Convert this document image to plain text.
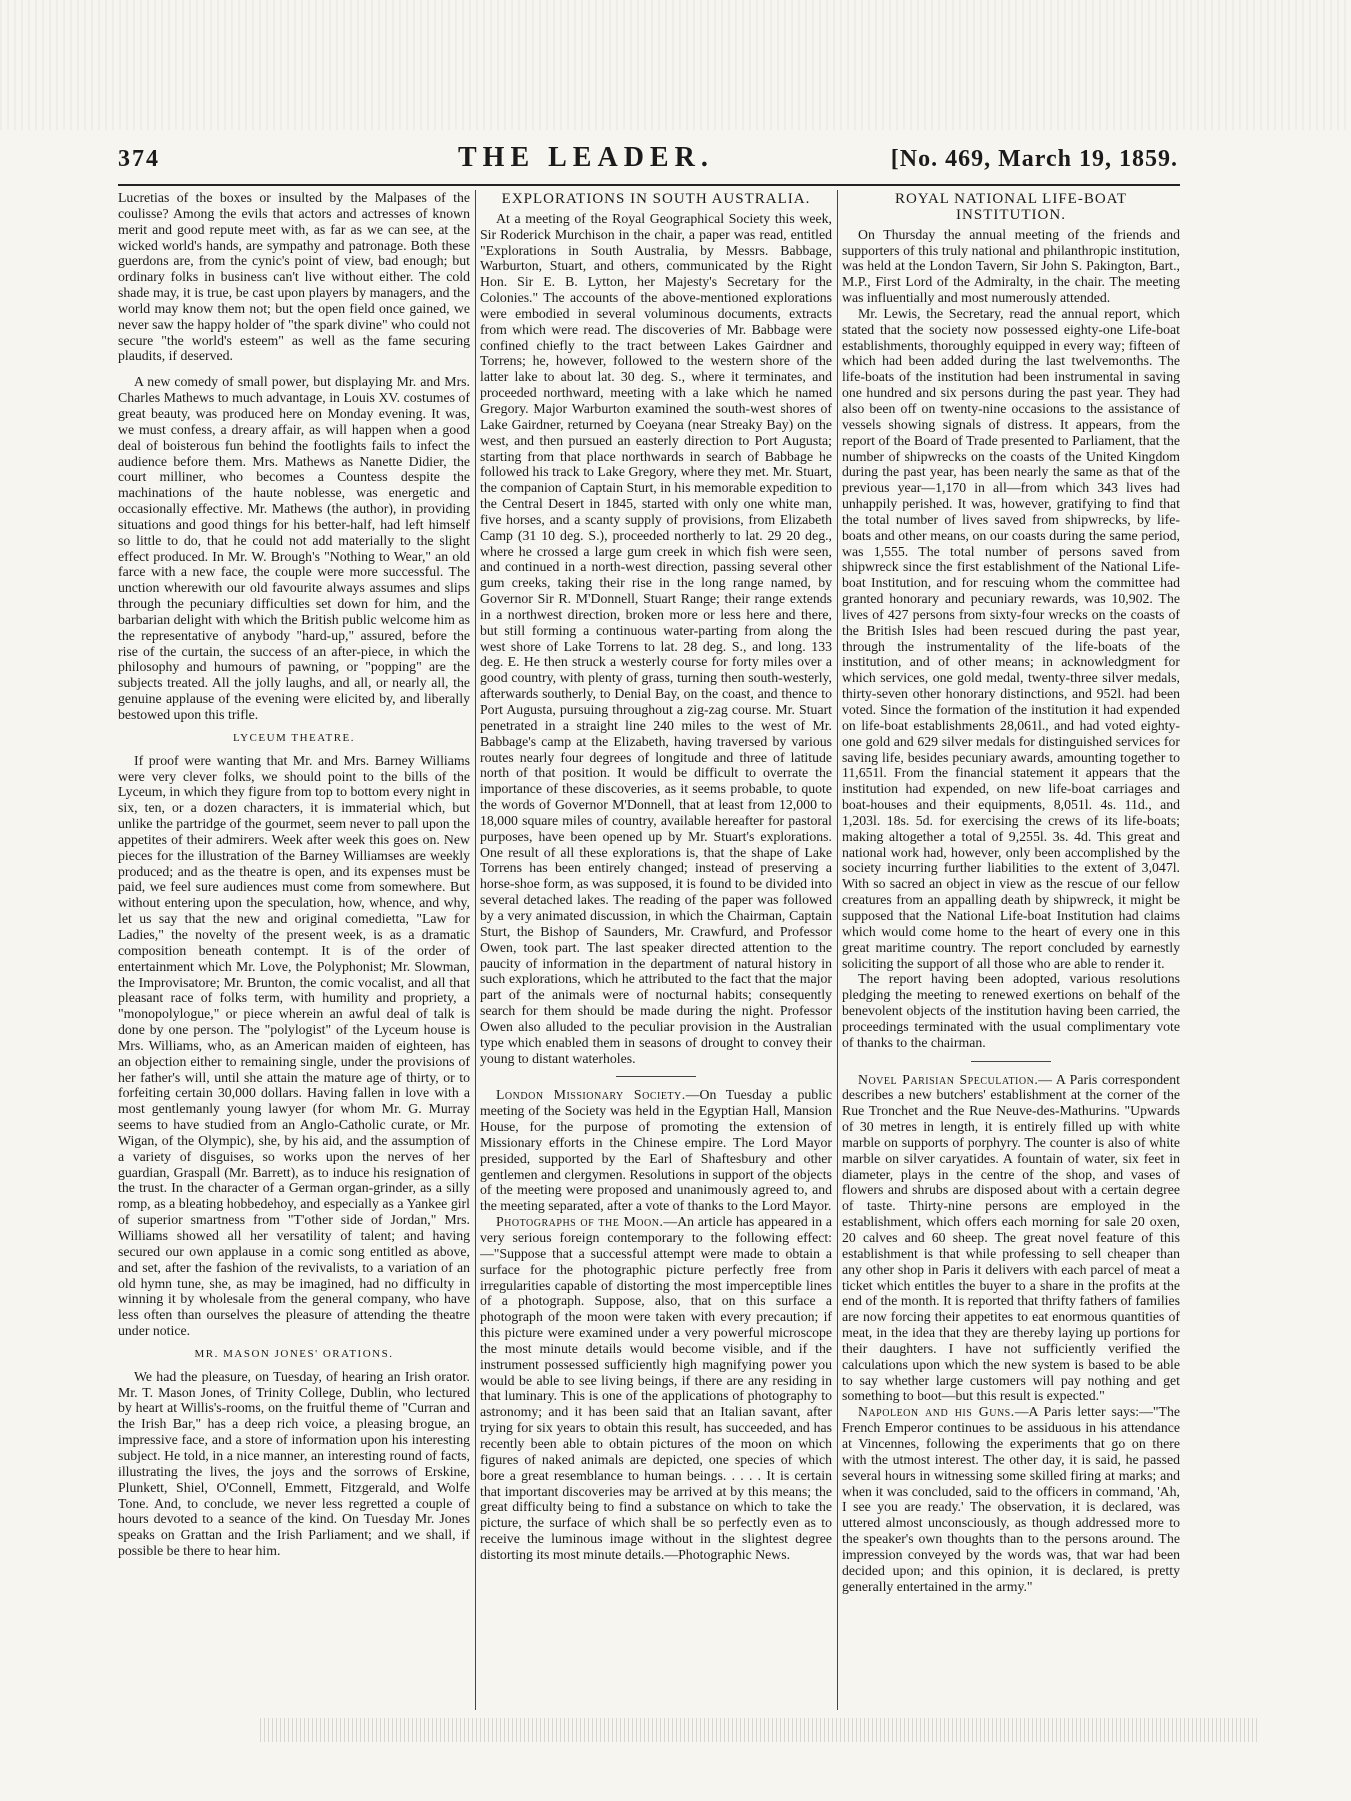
374	THE LEADER.	[No. 469, March 19, 1859.

Lucretias of the boxes or insulted by the Malpases of the coulisse? Among the evils that actors and actresses of known merit and good repute meet with, as far as we can see, at the wicked world's hands, are sympathy and patronage. Both these guerdons are, from the cynic's point of view, bad enough; but ordinary folks in business can't live without either. The cold shade may, it is true, be cast upon players by managers, and the world may know them not; but the open field once gained, we never saw the happy holder of "the spark divine" who could not secure "the world's esteem" as well as the fame securing plaudits, if deserved.

A new comedy of small power, but displaying Mr. and Mrs. Charles Mathews to much advantage, in Louis XV. costumes of great beauty, was produced here on Monday evening. It was, we must confess, a dreary affair, as will happen when a good deal of boisterous fun behind the footlights fails to infect the audience before them. Mrs. Mathews as Nanette Didier, the court milliner, who becomes a Countess despite the machinations of the haute noblesse, was energetic and occasionally effective. Mr. Mathews (the author), in providing situations and good things for his better-half, had left himself so little to do, that he could not add materially to the slight effect produced. In Mr. W. Brough's "Nothing to Wear," an old farce with a new face, the couple were more successful. The unction wherewith our old favourite always assumes and slips through the pecuniary difficulties set down for him, and the barbarian delight with which the British public welcome him as the representative of anybody "hard-up," assured, before the rise of the curtain, the success of an after-piece, in which the philosophy and humours of pawning, or "popping" are the subjects treated. All the jolly laughs, and all, or nearly all, the genuine applause of the evening were elicited by, and liberally bestowed upon this trifle.

LYCEUM THEATRE.

If proof were wanting that Mr. and Mrs. Barney Williams were very clever folks, we should point to the bills of the Lyceum, in which they figure from top to bottom every night in six, ten, or a dozen characters, it is immaterial which, but unlike the partridge of the gourmet, seem never to pall upon the appetites of their admirers. Week after week this goes on. New pieces for the illustration of the Barney Williamses are weekly produced; and as the theatre is open, and its expenses must be paid, we feel sure audiences must come from somewhere. But without entering upon the speculation, how, whence, and why, let us say that the new and original comedietta, "Law for Ladies," the novelty of the present week, is as a dramatic composition beneath contempt. It is of the order of entertainment which Mr. Love, the Polyphonist; Mr. Slowman, the Improvisatore; Mr. Brunton, the comic vocalist, and all that pleasant race of folks term, with humility and propriety, a "monopolylogue," or piece wherein an awful deal of talk is done by one person. The "polylogist" of the Lyceum house is Mrs. Williams, who, as an American maiden of eighteen, has an objection either to remaining single, under the provisions of her father's will, until she attain the mature age of thirty, or to forfeiting certain 30,000 dollars. Having fallen in love with a most gentlemanly young lawyer (for whom Mr. G. Murray seems to have studied from an Anglo-Catholic curate, or Mr. Wigan, of the Olympic), she, by his aid, and the assumption of a variety of disguises, so works upon the nerves of her guardian, Graspall (Mr. Barrett), as to induce his resignation of the trust. In the character of a German organ-grinder, as a silly romp, as a bleating hobbedehoy, and especially as a Yankee girl of superior smartness from "T'other side of Jordan," Mrs. Williams showed all her versatility of talent; and having secured our own applause in a comic song entitled as above, and set, after the fashion of the revivalists, to a variation of an old hymn tune, she, as may be imagined, had no difficulty in winning it by wholesale from the general company, who have less often than ourselves the pleasure of attending the theatre under notice.

MR. MASON JONES' ORATIONS.

We had the pleasure, on Tuesday, of hearing an Irish orator. Mr. T. Mason Jones, of Trinity College, Dublin, who lectured by heart at Willis's-rooms, on the fruitful theme of "Curran and the Irish Bar," has a deep rich voice, a pleasing brogue, an impressive face, and a store of information upon his interesting subject. He told, in a nice manner, an interesting round of facts, illustrating the lives, the joys and the sorrows of Erskine, Plunkett, Shiel, O'Connell, Emmett, Fitzgerald, and Wolfe Tone. And, to conclude, we never less regretted a couple of hours devoted to a seance of the kind. On Tuesday Mr. Jones speaks on Grattan and the Irish Parliament; and we shall, if possible be there to hear him.

EXPLORATIONS IN SOUTH AUSTRALIA.

At a meeting of the Royal Geographical Society this week, Sir Roderick Murchison in the chair, a paper was read, entitled "Explorations in South Australia, by Messrs. Babbage, Warburton, Stuart, and others, communicated by the Right Hon. Sir E. B. Lytton, her Majesty's Secretary for the Colonies." The accounts of the above-mentioned explorations were embodied in several voluminous documents, extracts from which were read. The discoveries of Mr. Babbage were confined chiefly to the tract between Lakes Gairdner and Torrens; he, however, followed to the western shore of the latter lake to about lat. 30 deg. S., where it terminates, and proceeded northward, meeting with a lake which he named Gregory. Major Warburton examined the south-west shores of Lake Gairdner, returned by Coeyana (near Streaky Bay) on the west, and then pursued an easterly direction to Port Augusta; starting from that place northwards in search of Babbage he followed his track to Lake Gregory, where they met. Mr. Stuart, the companion of Captain Sturt, in his memorable expedition to the Central Desert in 1845, started with only one white man, five horses, and a scanty supply of provisions, from Elizabeth Camp (31 10 deg. S.), proceeded northerly to lat. 29 20 deg., where he crossed a large gum creek in which fish were seen, and continued in a north-west direction, passing several other gum creeks, taking their rise in the long range named, by Governor Sir R. M'Donnell, Stuart Range; their range extends in a northwest direction, broken more or less here and there, but still forming a continuous water-parting from along the west shore of Lake Torrens to lat. 28 deg. S., and long. 133 deg. E. He then struck a westerly course for forty miles over a good country, with plenty of grass, turning then south-westerly, afterwards southerly, to Denial Bay, on the coast, and thence to Port Augusta, pursuing throughout a zig-zag course. Mr. Stuart penetrated in a straight line 240 miles to the west of Mr. Babbage's camp at the Elizabeth, having traversed by various routes nearly four degrees of longitude and three of latitude north of that position. It would be difficult to overrate the importance of these discoveries, as it seems probable, to quote the words of Governor M'Donnell, that at least from 12,000 to 18,000 square miles of country, available hereafter for pastoral purposes, have been opened up by Mr. Stuart's explorations. One result of all these explorations is, that the shape of Lake Torrens has been entirely changed; instead of preserving a horse-shoe form, as was supposed, it is found to be divided into several detached lakes. The reading of the paper was followed by a very animated discussion, in which the Chairman, Captain Sturt, the Bishop of Saunders, Mr. Crawfurd, and Professor Owen, took part. The last speaker directed attention to the paucity of information in the department of natural history in such explorations, which he attributed to the fact that the major part of the animals were of nocturnal habits; consequently search for them should be made during the night. Professor Owen also alluded to the peculiar provision in the Australian type which enabled them in seasons of drought to convey their young to distant waterholes.

London Missionary Society.—On Tuesday a public meeting of the Society was held in the Egyptian Hall, Mansion House, for the purpose of promoting the extension of Missionary efforts in the Chinese empire. The Lord Mayor presided, supported by the Earl of Shaftesbury and other gentlemen and clergymen. Resolutions in support of the objects of the meeting were proposed and unanimously agreed to, and the meeting separated, after a vote of thanks to the Lord Mayor.

Photographs of the Moon.—An article has appeared in a very serious foreign contemporary to the following effect:—"Suppose that a successful attempt were made to obtain a surface for the photographic picture perfectly free from irregularities capable of distorting the most imperceptible lines of a photograph. Suppose, also, that on this surface a photograph of the moon were taken with every precaution; if this picture were examined under a very powerful microscope the most minute details would become visible, and if the instrument possessed sufficiently high magnifying power you would be able to see living beings, if there are any residing in that luminary. This is one of the applications of photography to astronomy; and it has been said that an Italian savant, after trying for six years to obtain this result, has succeeded, and has recently been able to obtain pictures of the moon on which figures of naked animals are depicted, one species of which bore a great resemblance to human beings. . . . . It is certain that important discoveries may be arrived at by this means; the great difficulty being to find a substance on which to take the picture, the surface of which shall be so perfectly even as to receive the luminous image without in the slightest degree distorting its most minute details.—Photographic News.

ROYAL NATIONAL LIFE-BOAT INSTITUTION.

On Thursday the annual meeting of the friends and supporters of this truly national and philanthropic institution, was held at the London Tavern, Sir John S. Pakington, Bart., M.P., First Lord of the Admiralty, in the chair. The meeting was influentially and most numerously attended.

Mr. Lewis, the Secretary, read the annual report, which stated that the society now possessed eighty-one Life-boat establishments, thoroughly equipped in every way; fifteen of which had been added during the last twelvemonths. The life-boats of the institution had been instrumental in saving one hundred and six persons during the past year. They had also been off on twenty-nine occasions to the assistance of vessels showing signals of distress. It appears, from the report of the Board of Trade presented to Parliament, that the number of shipwrecks on the coasts of the United Kingdom during the past year, has been nearly the same as that of the previous year—1,170 in all—from which 343 lives had unhappily perished. It was, however, gratifying to find that the total number of lives saved from shipwrecks, by life-boats and other means, on our coasts during the same period, was 1,555. The total number of persons saved from shipwreck since the first establishment of the National Life-boat Institution, and for rescuing whom the committee had granted honorary and pecuniary rewards, was 10,902. The lives of 427 persons from sixty-four wrecks on the coasts of the British Isles had been rescued during the past year, through the instrumentality of the life-boats of the institution, and of other means; in acknowledgment for which services, one gold medal, twenty-three silver medals, thirty-seven other honorary distinctions, and 952l. had been voted. Since the formation of the institution it had expended on life-boat establishments 28,061l., and had voted eighty-one gold and 629 silver medals for distinguished services for saving life, besides pecuniary awards, amounting together to 11,651l. From the financial statement it appears that the institution had expended, on new life-boat carriages and boat-houses and their equipments, 8,051l. 4s. 11d., and 1,203l. 18s. 5d. for exercising the crews of its life-boats; making altogether a total of 9,255l. 3s. 4d. This great and national work had, however, only been accomplished by the society incurring further liabilities to the extent of 3,047l. With so sacred an object in view as the rescue of our fellow creatures from an appalling death by shipwreck, it might be supposed that the National Life-boat Institution had claims which would come home to the heart of every one in this great maritime country. The report concluded by earnestly soliciting the support of all those who are able to render it.

The report having been adopted, various resolutions pledging the meeting to renewed exertions on behalf of the benevolent objects of the institution having been carried, the proceedings terminated with the usual complimentary vote of thanks to the chairman.

Novel Parisian Speculation.— A Paris correspondent describes a new butchers' establishment at the corner of the Rue Tronchet and the Rue Neuve-des-Mathurins. "Upwards of 30 metres in length, it is entirely filled up with white marble on supports of porphyry. The counter is also of white marble on silver caryatides. A fountain of water, six feet in diameter, plays in the centre of the shop, and vases of flowers and shrubs are disposed about with a certain degree of taste. Thirty-nine persons are employed in the establishment, which offers each morning for sale 20 oxen, 20 calves and 60 sheep. The great novel feature of this establishment is that while professing to sell cheaper than any other shop in Paris it delivers with each parcel of meat a ticket which entitles the buyer to a share in the profits at the end of the month. It is reported that thrifty fathers of families are now forcing their appetites to eat enormous quantities of meat, in the idea that they are thereby laying up portions for their daughters. I have not sufficiently verified the calculations upon which the new system is based to be able to say whether large customers will pay nothing and get something to boot—but this result is expected."

Napoleon and his Guns.—A Paris letter says:—"The French Emperor continues to be assiduous in his attendance at Vincennes, following the experiments that go on there with the utmost interest. The other day, it is said, he passed several hours in witnessing some skilled firing at marks; and when it was concluded, said to the officers in command, 'Ah, I see you are ready.' The observation, it is declared, was uttered almost unconsciously, as though addressed more to the speaker's own thoughts than to the persons around. The impression conveyed by the words was, that war had been decided upon; and this opinion, it is declared, is pretty generally entertained in the army."
